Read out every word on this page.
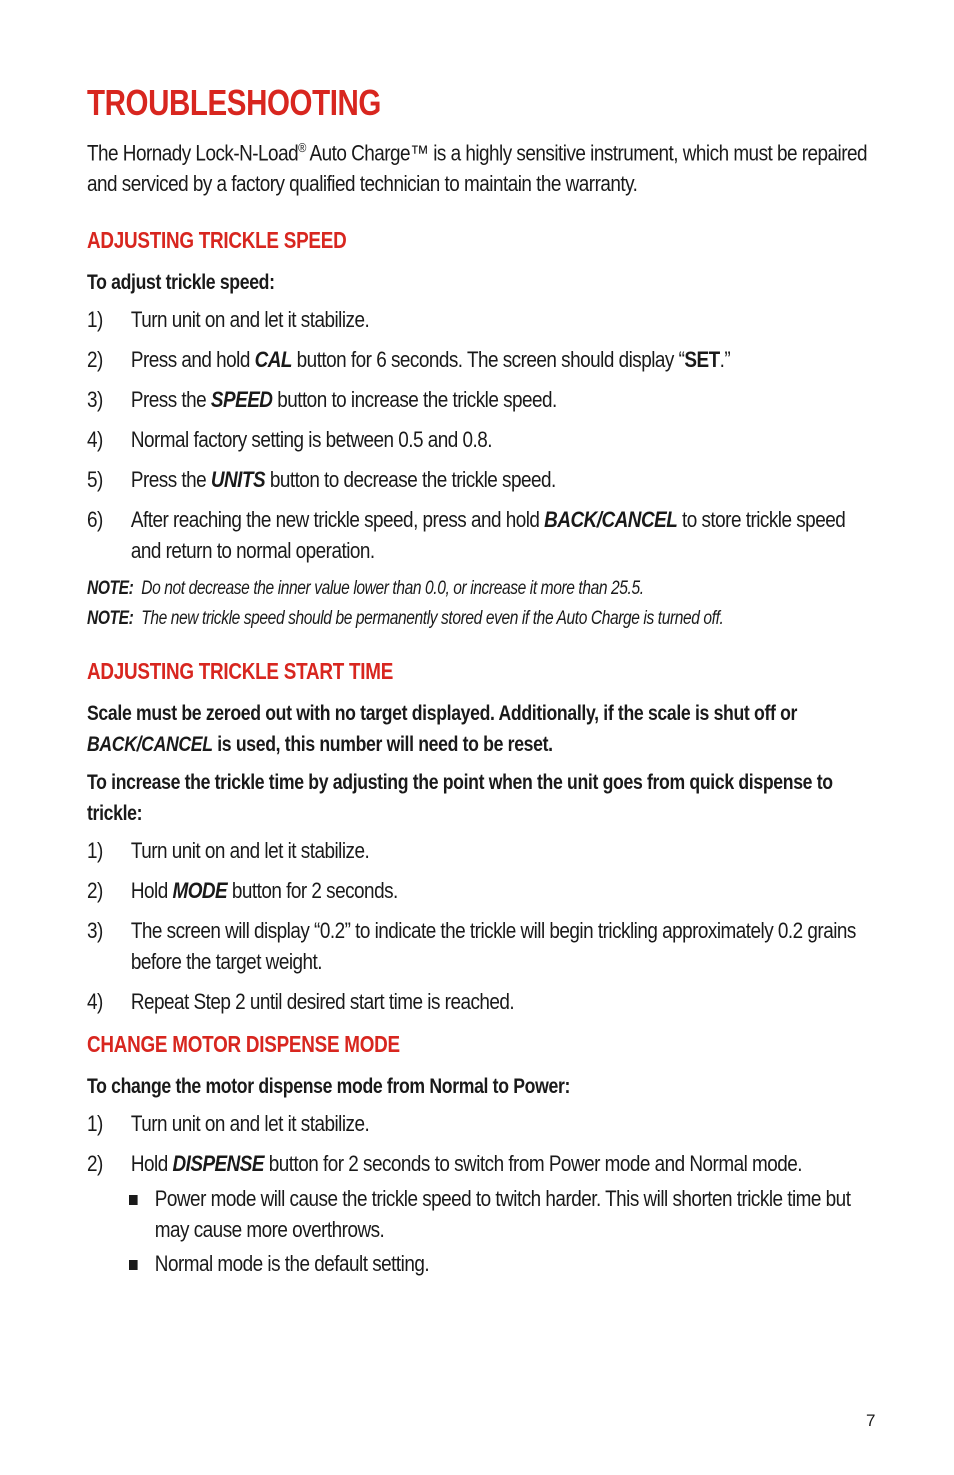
TROUBLESHOOTING

The Hornady Lock-N-Load® Auto Charge™ is a highly sensitive instrument, which must be repaired and serviced by a factory qualified technician to maintain the warranty.

ADJUSTING TRICKLE SPEED

To adjust trickle speed:

1) Turn unit on and let it stabilize.
2) Press and hold CAL button for 6 seconds. The screen should display “SET.”
3) Press the SPEED button to increase the trickle speed.
4) Normal factory setting is between 0.5 and 0.8.
5) Press the UNITS button to decrease the trickle speed.
6) After reaching the new trickle speed, press and hold BACK/CANCEL to store trickle speed and return to normal operation.

NOTE:  Do not decrease the inner value lower than 0.0, or increase it more than 25.5.

NOTE:  The new trickle speed should be permanently stored even if the Auto Charge is turned off.

ADJUSTING TRICKLE START TIME

Scale must be zeroed out with no target displayed. Additionally, if the scale is shut off or BACK/CANCEL is used, this number will need to be reset.

To increase the trickle time by adjusting the point when the unit goes from quick dispense to trickle:

1) Turn unit on and let it stabilize.
2) Hold MODE button for 2 seconds.
3) The screen will display “0.2” to indicate the trickle will begin trickling approximately 0.2 grains before the target weight.
4) Repeat Step 2 until desired start time is reached.
CHANGE MOTOR DISPENSE MODE

To change the motor dispense mode from Normal to Power:

1) Turn unit on and let it stabilize.
2) Hold DISPENSE button for 2 seconds to switch from Power mode and Normal mode.
Power mode will cause the trickle speed to twitch harder. This will shorten trickle time but may cause more overthrows.
Normal mode is the default setting.
7
